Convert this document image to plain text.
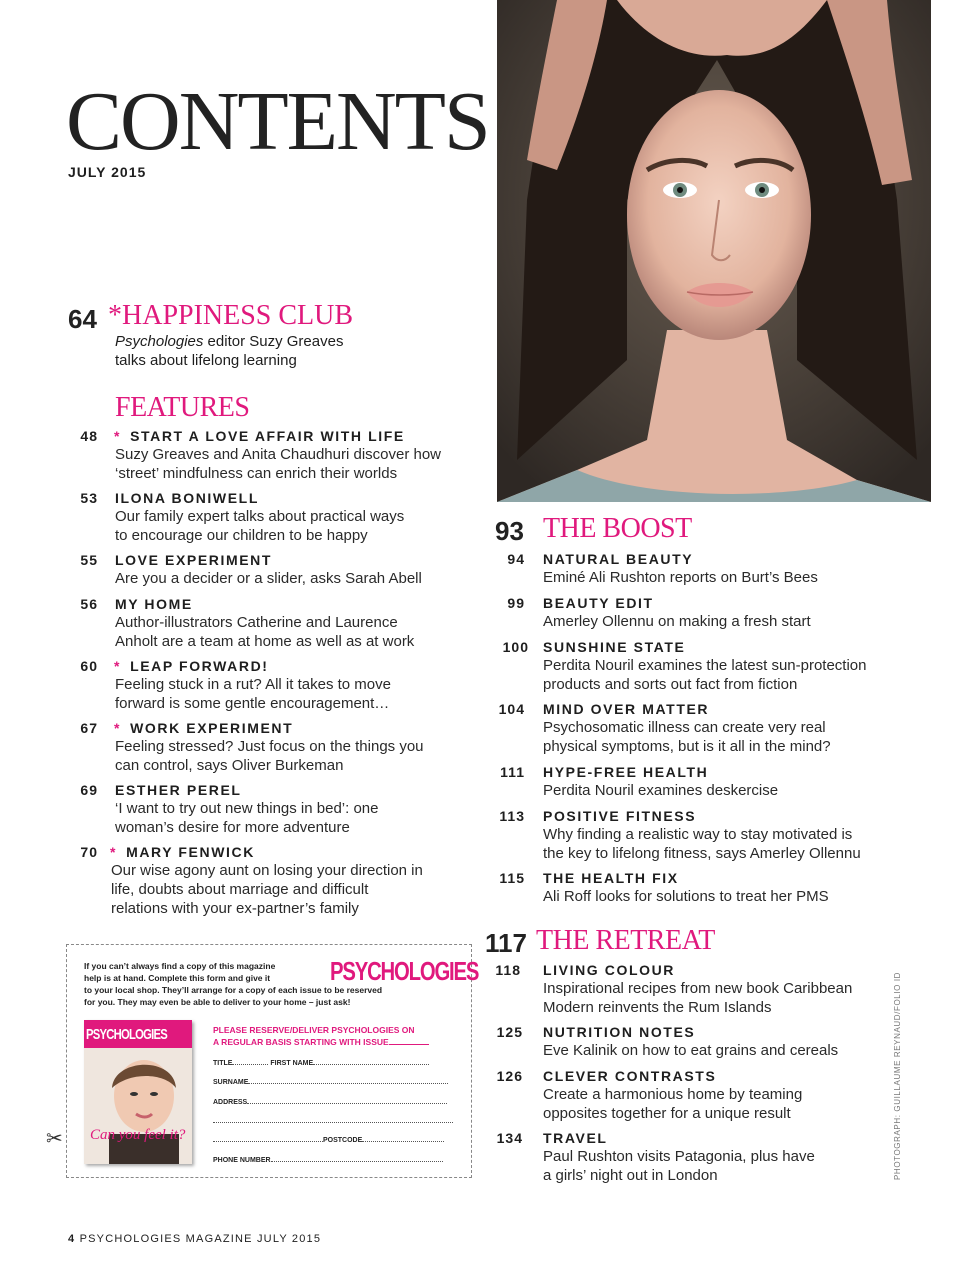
CONTENTS
JULY 2015
PHOTOGRAPH: GUILLAUME REYNAUD/FOLIO ID
64 *HAPPINESS CLUB
Psychologies editor Suzy Greaves
talks about lifelong learning
FEATURES
48 * START A LOVE AFFAIR WITH LIFE
Suzy Greaves and Anita Chaudhuri discover how
‘street’ mindfulness can enrich their worlds
53 ILONA BONIWELL
Our family expert talks about practical ways
to encourage our children to be happy
55 LOVE EXPERIMENT
Are you a decider or a slider, asks Sarah Abell
56 MY HOME
Author-illustrators Catherine and Laurence
Anholt are a team at home as well as at work
60 * LEAP FORWARD!
Feeling stuck in a rut? All it takes to move
forward is some gentle encouragement…
67 * WORK EXPERIMENT
Feeling stressed? Just focus on the things you
can control, says Oliver Burkeman
69 ESTHER PEREL
‘I want to try out new things in bed’: one
woman’s desire for more adventure
70 * MARY FENWICK
Our wise agony aunt on losing your direction in
life, doubts about marriage and difficult
relations with your ex-partner’s family
93 THE BOOST
94 NATURAL BEAUTY
Eminé Ali Rushton reports on Burt’s Bees
99 BEAUTY EDIT
Amerley Ollennu on making a fresh start
100 SUNSHINE STATE
Perdita Nouril examines the latest sun-protection
products and sorts out fact from fiction
104 MIND OVER MATTER
Psychosomatic illness can create very real
physical symptoms, but is it all in the mind?
111 HYPE-FREE HEALTH
Perdita Nouril examines deskercise
113 POSITIVE FITNESS
Why finding a realistic way to stay motivated is
the key to lifelong fitness, says Amerley Ollennu
115 THE HEALTH FIX
Ali Roff looks for solutions to treat her PMS
117 THE RETREAT
118 LIVING COLOUR
Inspirational recipes from new book Caribbean
Modern reinvents the Rum Islands
125 NUTRITION NOTES
Eve Kalinik on how to eat grains and cereals
126 CLEVER CONTRASTS
Create a harmonious home by teaming
opposites together for a unique result
134 TRAVEL
Paul Rushton visits Patagonia, plus have
a girls’ night out in London
✂
If you can’t always find a copy of this magazine
help is at hand. Complete this form and give it
to your local shop. They’ll arrange for a copy of each issue to be reserved
for you. They may even be able to deliver to your home – just ask!
PSYCHOLOGIES
PSYCHOLOGIES
Can you feel it?
PLEASE RESERVE/DELIVER PSYCHOLOGIES ON
A REGULAR BASIS STARTING WITH ISSUE
TITLE	FIRST NAME
SURNAME
ADDRESS
POSTCODE
PHONE NUMBER
4 PSYCHOLOGIES MAGAZINE JULY 2015
